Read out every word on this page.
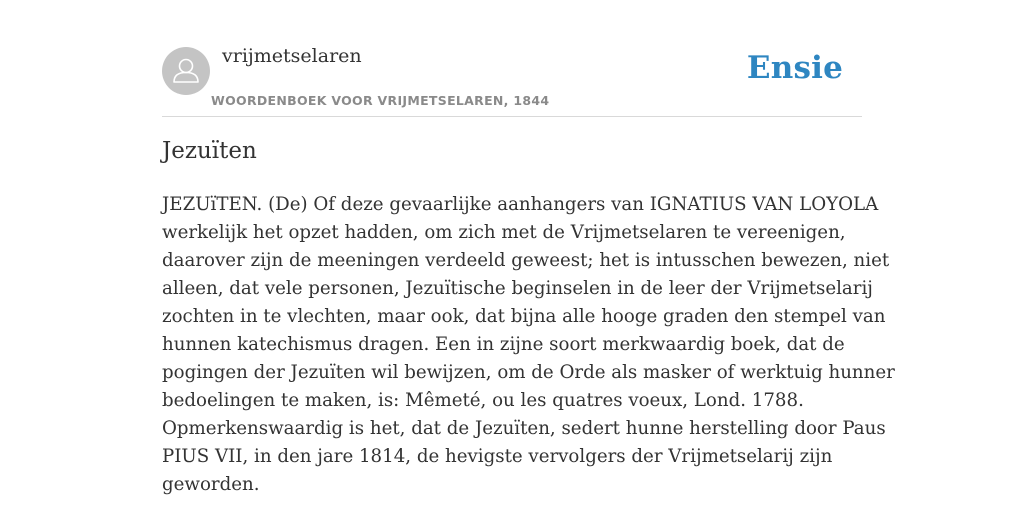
vrijmetselaren
WOORDENBOEK VOOR VRIJMETSELAREN, 1844
Ensie
Jezuïten
JEZUïTEN. (De) Of deze gevaarlijke aanhangers van IGNATIUS VAN LOYOLA
werkelijk het opzet hadden, om zich met de Vrijmetselaren te vereenigen,
daarover zijn de meeningen verdeeld geweest; het is intusschen bewezen, niet
alleen, dat vele personen, Jezuïtische beginselen in de leer der Vrijmetselarij
zochten in te vlechten, maar ook, dat bijna alle hooge graden den stempel van
hunnen katechismus dragen. Een in zijne soort merkwaardig boek, dat de
pogingen der Jezuïten wil bewijzen, om de Orde als masker of werktuig hunner
bedoelingen te maken, is: Mêmeté, ou les quatres voeux, Lond. 1788.
Opmerkenswaardig is het, dat de Jezuïten, sedert hunne herstelling door Paus
PIUS VII, in den jare 1814, de hevigste vervolgers der Vrijmetselarij zijn
geworden.
